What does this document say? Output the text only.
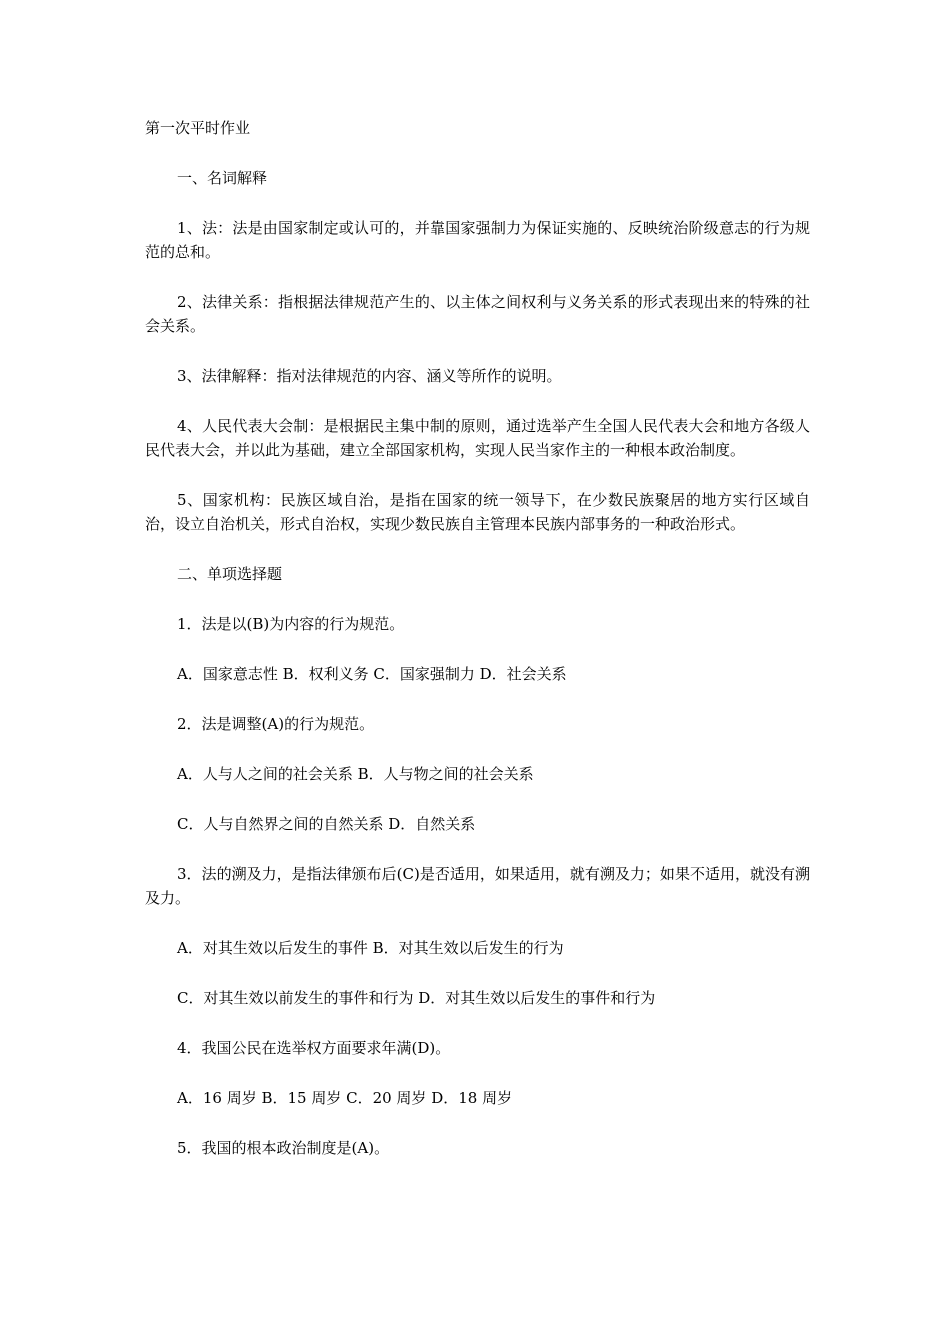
第一次平时作业

一、名词解释

1、法：法是由国家制定或认可的，并靠国家强制力为保证实施的、反映统治阶级意志的行为规范的总和。

2、法律关系：指根据法律规范产生的、以主体之间权利与义务关系的形式表现出来的特殊的社会关系。

3、法律解释：指对法律规范的内容、涵义等所作的说明。

4、人民代表大会制：是根据民主集中制的原则，通过选举产生全国人民代表大会和地方各级人民代表大会，并以此为基础，建立全部国家机构，实现人民当家作主的一种根本政治制度。

5、国家机构：民族区域自治，是指在国家的统一领导下，在少数民族聚居的地方实行区域自治，设立自治机关，形式自治权，实现少数民族自主管理本民族内部事务的一种政治形式。

二、单项选择题

1．法是以(B)为内容的行为规范。

A．国家意志性 B．权利义务 C．国家强制力 D．社会关系

2．法是调整(A)的行为规范。

A．人与人之间的社会关系 B．人与物之间的社会关系

C．人与自然界之间的自然关系 D．自然关系

3．法的溯及力，是指法律颁布后(C)是否适用，如果适用，就有溯及力；如果不适用，就没有溯及力。

A．对其生效以后发生的事件 B．对其生效以后发生的行为

C．对其生效以前发生的事件和行为 D．对其生效以后发生的事件和行为

4．我国公民在选举权方面要求年满(D)。

A．16 周岁 B．15 周岁 C．20 周岁 D．18 周岁

5．我国的根本政治制度是(A)。
